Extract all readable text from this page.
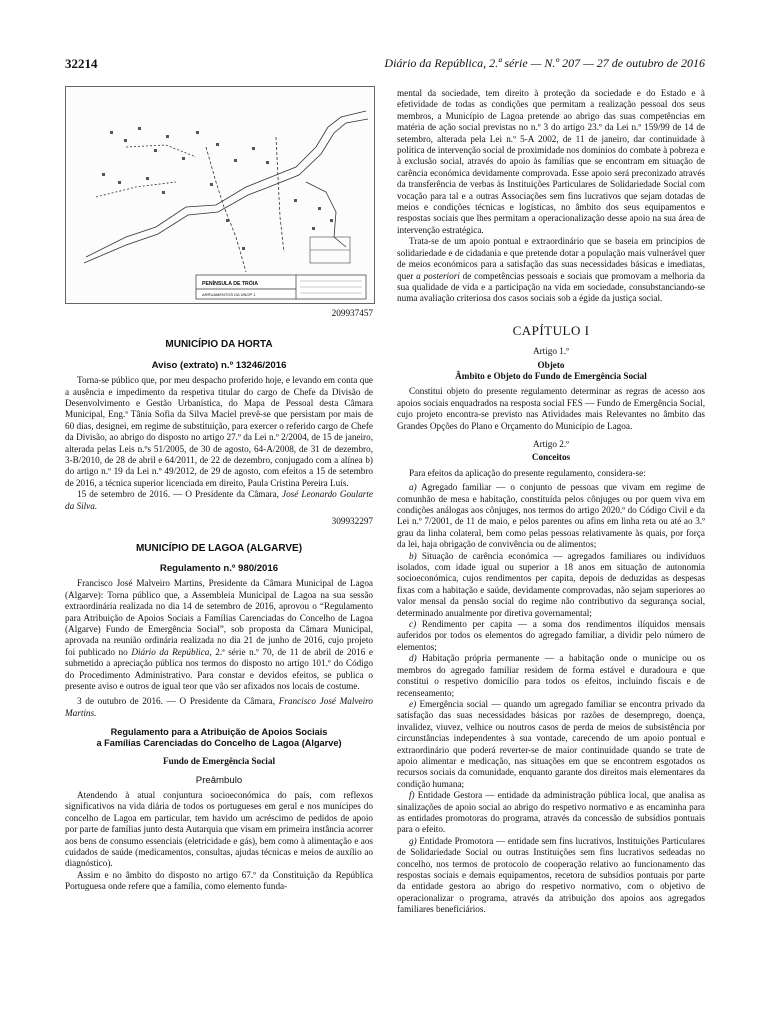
32214	Diário da República, 2.ª série — N.º 207 — 27 de outubro de 2016
PENÍNSULA DE TRÓIA
ARRUAMENTOS DA UNOP 1
209937457
MUNICÍPIO DA HORTA
Aviso (extrato) n.º 13246/2016

Torna-se público que, por meu despacho proferido hoje, e levando em conta que a ausência e impedimento da respetiva titular do cargo de Chefe da Divisão de Desenvolvimento e Gestão Urbanística, do Mapa de Pessoal desta Câmara Municipal, Eng.ª Tânia Sofia da Silva Maciel prevê-se que persistam por mais de 60 dias, designei, em regime de substituição, para exercer o referido cargo de Chefe da Divisão, ao abrigo do disposto no artigo 27.º da Lei n.º 2/2004, de 15 de janeiro, alterada pelas Leis n.ºs 51/2005, de 30 de agosto, 64-A/2008, de 31 de dezembro, 3-B/2010, de 28 de abril e 64/2011, de 22 de dezembro, conjugado com a alínea b) do artigo n.º 19 da Lei n.º 49/2012, de 29 de agosto, com efeitos a 15 de setembro de 2016, a técnica superior licenciada em direito, Paula Cristina Pereira Luís.

15 de setembro de 2016. — O Presidente da Câmara, José Leonardo Goularte da Silva.

309932297
MUNICÍPIO DE LAGOA (ALGARVE)
Regulamento n.º 980/2016

Francisco José Malveiro Martins, Presidente da Câmara Municipal de Lagoa (Algarve): Torna público que, a Assembleia Municipal de Lagoa na sua sessão extraordinária realizada no dia 14 de setembro de 2016, aprovou o “Regulamento para Atribuição de Apoios Sociais a Famílias Carenciadas do Concelho de Lagoa (Algarve) Fundo de Emergência Social”, sob proposta da Câmara Municipal, aprovada na reunião ordinária realizada no dia 21 de junho de 2016, cujo projeto foi publicado no Diário da República, 2.ª série n.º 70, de 11 de abril de 2016 e submetido a apreciação pública nos termos do disposto no artigo 101.º do Código do Procedimento Administrativo. Para constar e devidos efeitos, se publica o presente aviso e outros de igual teor que vão ser afixados nos locais de costume.

3 de outubro de 2016. — O Presidente da Câmara, Francisco José Malveiro Martins.

Regulamento para a Atribuição de Apoios Sociais
a Famílias Carenciadas do Concelho de Lagoa (Algarve)
Fundo de Emergência Social
Preâmbulo

Atendendo à atual conjuntura socioeconómica do país, com reflexos significativos na vida diária de todos os portugueses em geral e nos munícipes do concelho de Lagoa em particular, tem havido um acréscimo de pedidos de apoio por parte de famílias junto desta Autarquia que visam em primeira instância acorrer aos bens de consumo essenciais (eletricidade e gás), bem como à alimentação e aos cuidados de saúde (medicamentos, consultas, ajudas técnicas e meios de auxílio ao diagnóstico).

Assim e no âmbito do disposto no artigo 67.º da Constituição da República Portuguesa onde refere que a família, como elemento funda-

mental da sociedade, tem direito à proteção da sociedade e do Estado e à efetividade de todas as condições que permitam a realização pessoal dos seus membros, a Município de Lagoa pretende ao abrigo das suas competências em matéria de ação social previstas no n.º 3 do artigo 23.º da Lei n.º 159/99 de 14 de setembro, alterada pela Lei n.º 5-A 2002, de 11 de janeiro, dar continuidade à política de intervenção social de proximidade nos domínios do combate à pobreza e à exclusão social, através do apoio às famílias que se encontram em situação de carência económica devidamente comprovada. Esse apoio será preconizado através da transferência de verbas às Instituições Particulares de Solidariedade Social com vocação para tal e a outras Associações sem fins lucrativos que sejam dotadas de meios e condições técnicas e logísticas, no âmbito dos seus equipamentos e respostas sociais que lhes permitam a operacionalização desse apoio na sua área de intervenção estratégica.

Trata-se de um apoio pontual e extraordinário que se baseia em princípios de solidariedade e de cidadania e que pretende dotar a população mais vulnerável quer de meios económicos para a satisfação das suas necessidades básicas e imediatas, quer a posteriori de competências pessoais e sociais que promovam a melhoria da sua qualidade de vida e a participação na vida em sociedade, consubstanciando-se numa avaliação criteriosa dos casos sociais sob a égide da justiça social.

CAPÍTULO I
Artigo 1.º
Objeto
Âmbito e Objeto do Fundo de Emergência Social

Constitui objeto do presente regulamento determinar as regras de acesso aos apoios sociais enquadrados na resposta social FES — Fundo de Emergência Social, cujo projeto encontra-se previsto nas Atividades mais Relevantes no âmbito das Grandes Opções do Plano e Orçamento do Município de Lagoa.

Artigo 2.º
Conceitos

Para efeitos da aplicação do presente regulamento, considera-se:

a) Agregado familiar — o conjunto de pessoas que vivam em regime de comunhão de mesa e habitação, constituída pelos cônjuges ou por quem viva em condições análogas aos cônjuges, nos termos do artigo 2020.º do Código Civil e da Lei n.º 7/2001, de 11 de maio, e pelos parentes ou afins em linha reta ou até ao 3.º grau da linha colateral, bem como pelas pessoas relativamente às quais, por força da lei, haja obrigação de convivência ou de alimentos;

b) Situação de carência económica — agregados familiares ou indivíduos isolados, com idade igual ou superior a 18 anos em situação de autonomia socioeconómica, cujos rendimentos per capita, depois de deduzidas as despesas fixas com a habitação e saúde, devidamente comprovadas, não sejam superiores ao valor mensal da pensão social do regime não contributivo da segurança social, determinado anualmente por diretiva governamental;

c) Rendimento per capita — a soma dos rendimentos ilíquidos mensais auferidos por todos os elementos do agregado familiar, a dividir pelo número de elementos;

d) Habitação própria permanente — a habitação onde o munícipe ou os membros do agregado familiar residem de forma estável e duradoura e que constitui o respetivo domicílio para todos os efeitos, incluindo fiscais e de recenseamento;

e) Emergência social — quando um agregado familiar se encontra privado da satisfação das suas necessidades básicas por razões de desemprego, doença, invalidez, viuvez, velhice ou noutros casos de perda de meios de subsistência por circunstâncias independentes à sua vontade, carecendo de um apoio pontual e extraordinário que poderá reverter-se de maior continuidade quando se trate de apoio alimentar e medicação, nas situações em que se encontrem esgotados os recursos sociais da comunidade, enquanto garante dos direitos mais elementares da condição humana;

f) Entidade Gestora — entidade da administração pública local, que analisa as sinalizações de apoio social ao abrigo do respetivo normativo e as encaminha para as entidades promotoras do programa, através da concessão de subsídios pontuais para o efeito.

g) Entidade Promotora — entidade sem fins lucrativos, Instituições Particulares de Solidariedade Social ou outras Instituições sem fins lucrativos sedeadas no concelho, nos termos de protocolo de cooperação relativo ao funcionamento das respostas sociais e demais equipamentos, recetora de subsídios pontuais por parte da entidade gestora ao abrigo do respetivo normativo, com o objetivo de operacionalizar o programa, através da atribuição dos apoios aos agregados familiares beneficiários.
